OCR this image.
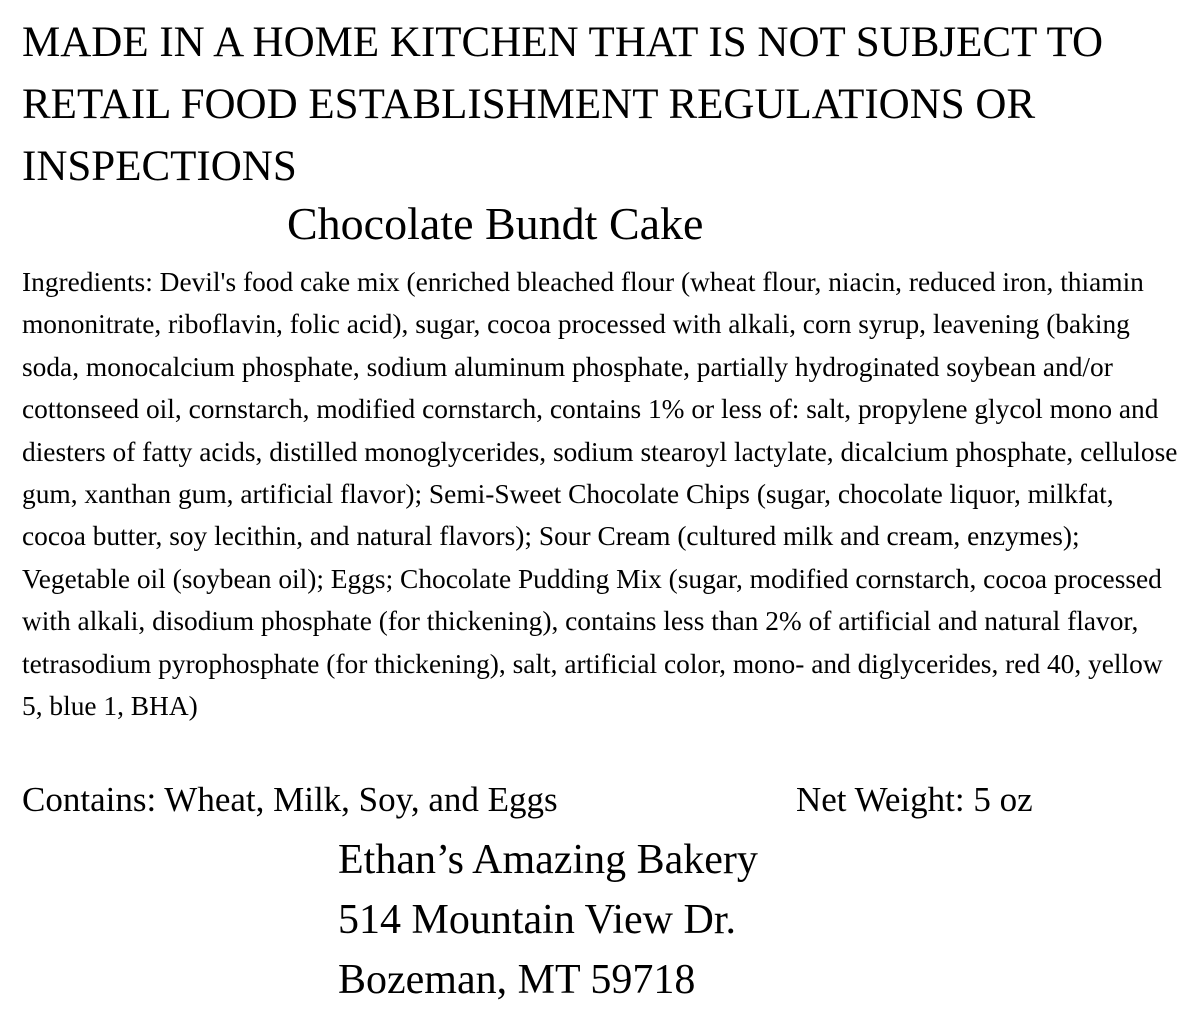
MADE IN A HOME KITCHEN THAT IS NOT SUBJECT TO RETAIL FOOD ESTABLISHMENT REGULATIONS OR INSPECTIONS

Chocolate Bundt Cake

Ingredients: Devil's food cake mix (enriched bleached flour (wheat flour, niacin, reduced iron, thiamin mononitrate, riboflavin, folic acid), sugar, cocoa processed with alkali, corn syrup, leavening (baking soda, monocalcium phosphate, sodium aluminum phosphate, partially hydroginated soybean and/or cottonseed oil, cornstarch, modified cornstarch, contains 1% or less of: salt, propylene glycol mono and diesters of fatty acids, distilled monoglycerides, sodium stearoyl lactylate, dicalcium phosphate, cellulose gum, xanthan gum, artificial flavor); Semi-Sweet Chocolate Chips (sugar, chocolate liquor, milkfat, cocoa butter, soy lecithin, and natural flavors); Sour Cream (cultured milk and cream, enzymes); Vegetable oil (soybean oil); Eggs; Chocolate Pudding Mix (sugar, modified cornstarch, cocoa processed with alkali, disodium phosphate (for thickening), contains less than 2% of artificial and natural flavor, tetrasodium pyrophosphate (for thickening), salt, artificial color, mono- and diglycerides, red 40, yellow 5, blue 1, BHA)

Contains: Wheat, Milk, Soy, and Eggs	Net Weight: 5 oz
Ethan’s Amazing Bakery
514 Mountain View Dr.
Bozeman, MT 59718
